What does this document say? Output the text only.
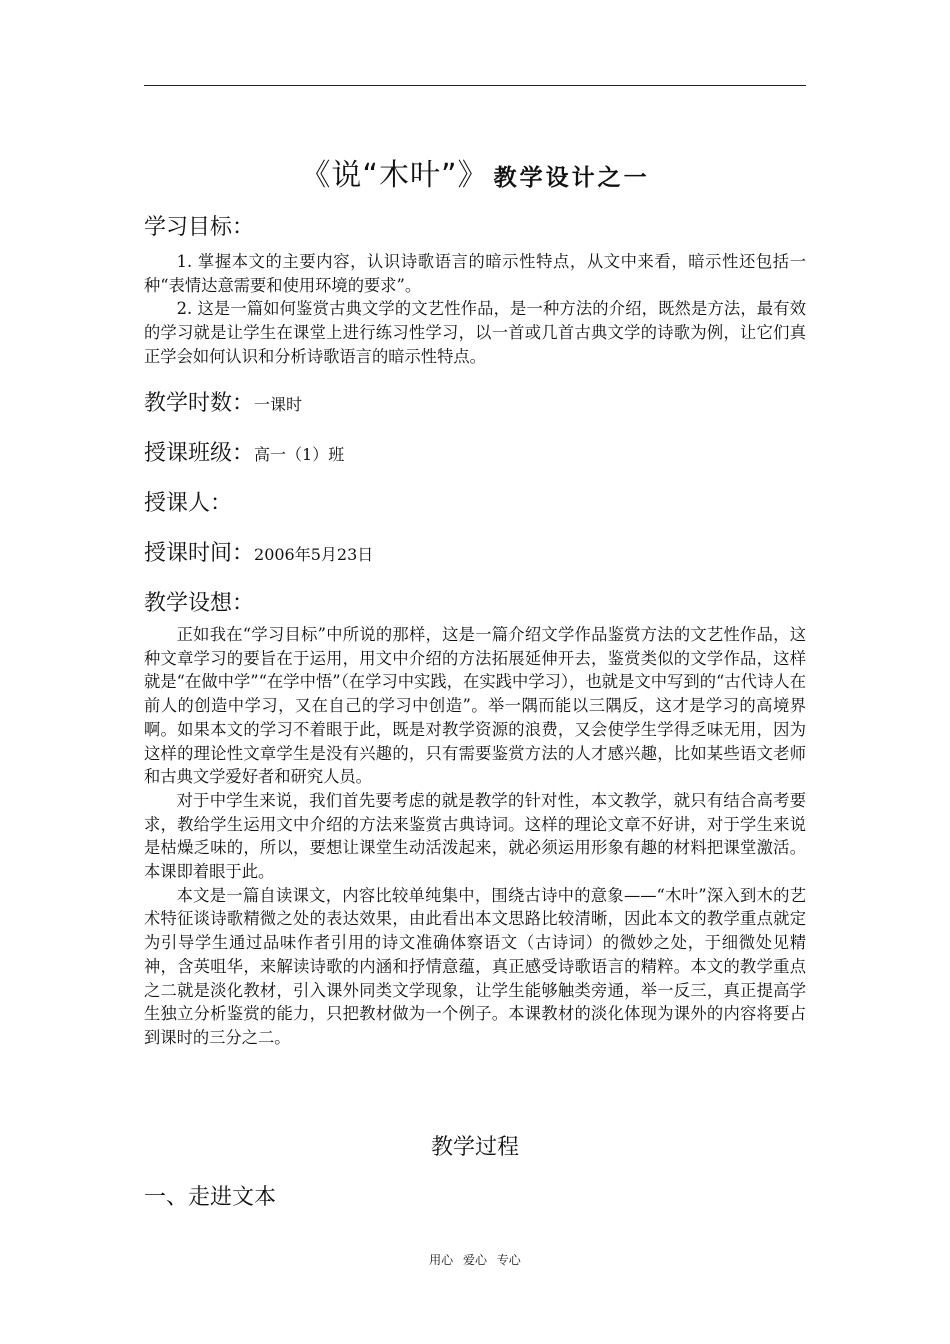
《说“木叶”》 教学设计之一
学习目标：

1. 掌握本文的主要内容，认识诗歌语言的暗示性特点，从文中来看，暗示性还包括一种“表情达意需要和使用环境的要求”。

2. 这是一篇如何鉴赏古典文学的文艺性作品，是一种方法的介绍，既然是方法，最有效的学习就是让学生在课堂上进行练习性学习，以一首或几首古典文学的诗歌为例，让它们真正学会如何认识和分析诗歌语言的暗示性特点。

教学时数：一课时
授课班级：高一（1）班
授课人：
授课时间：2006年5月23日
教学设想：

正如我在“学习目标”中所说的那样，这是一篇介绍文学作品鉴赏方法的文艺性作品，这种文章学习的要旨在于运用，用文中介绍的方法拓展延伸开去，鉴赏类似的文学作品，这样就是“在做中学”“在学中悟”（在学习中实践，在实践中学习），也就是文中写到的“古代诗人在前人的创造中学习，又在自己的学习中创造”。举一隅而能以三隅反，这才是学习的高境界啊。如果本文的学习不着眼于此，既是对教学资源的浪费，又会使学生学得乏味无用，因为这样的理论性文章学生是没有兴趣的，只有需要鉴赏方法的人才感兴趣，比如某些语文老师和古典文学爱好者和研究人员。

对于中学生来说，我们首先要考虑的就是教学的针对性，本文教学，就只有结合高考要求，教给学生运用文中介绍的方法来鉴赏古典诗词。这样的理论文章不好讲，对于学生来说是枯燥乏味的，所以，要想让课堂生动活泼起来，就必须运用形象有趣的材料把课堂激活。本课即着眼于此。

本文是一篇自读课文，内容比较单纯集中，围绕古诗中的意象——“木叶”深入到木的艺术特征谈诗歌精微之处的表达效果，由此看出本文思路比较清晰，因此本文的教学重点就定为引导学生通过品味作者引用的诗文准确体察语文（古诗词）的微妙之处，于细微处见精神，含英咀华，来解读诗歌的内涵和抒情意蕴，真正感受诗歌语言的精粹。本文的教学重点之二就是淡化教材，引入课外同类文学现象，让学生能够触类旁通，举一反三，真正提高学生独立分析鉴赏的能力，只把教材做为一个例子。本课教材的淡化体现为课外的内容将要占到课时的三分之二。

教学过程
一、走进文本
用心 爱心 专心
